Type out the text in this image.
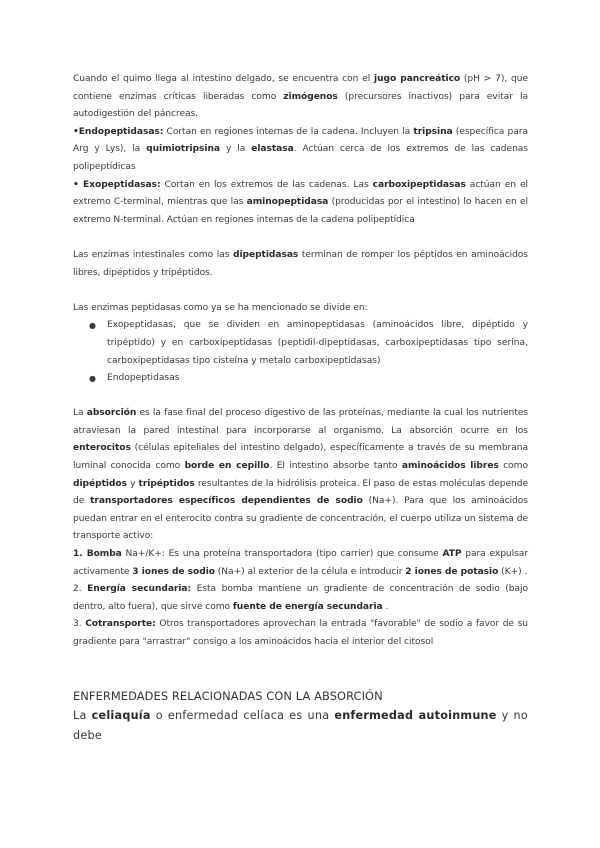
Cuando el quimo llega al intestino delgado, se encuentra con el jugo pancreático (pH > 7), que contiene enzimas críticas liberadas como zimógenos (precursores inactivos) para evitar la autodigestión del páncreas.

•Endopeptidasas: Cortan en regiones internas de la cadena. Incluyen la tripsina (específica para Arg y Lys), la quimiotripsina y la elastasa. Actúan cerca de los extremos de las cadenas polipeptídicas

• Exopeptidasas: Cortan en los extremos de las cadenas. Las carboxipeptidasas actúan en el extremo C-terminal, mientras que las aminopeptidasa (producidas por el intestino) lo hacen en el extremo N-terminal. Actúan en regiones internas de la cadena polipeptídica

Las enzimas intestinales como las dipeptidasas terminan de romper los péptidos en aminoácidos libres, dipéptidos y tripéptidos.

Las enzimas peptidasas como ya se ha mencionado se divide en:

● Exopeptidasas, que se dividen en aminopeptidasas (aminoácidos libre, dipéptido y tripéptido) y en carboxipeptidasas (peptidil-dipeptidasas, carboxipeptidasas tipo serina, carboxipeptidasas tipo cisteína y metalo carboxipeptidasas)
● Endopeptidasas

La absorción es la fase final del proceso digestivo de las proteínas, mediante la cual los nutrientes atraviesan la pared intestinal para incorporarse al organismo. La absorción ocurre en los enterocitos (células epiteliales del intestino delgado), específicamente a través de su membrana luminal conocida como borde en cepillo. El intestino absorbe tanto aminoácidos libres como dipéptidos y tripéptidos resultantes de la hidrólisis proteica. El paso de estas moléculas depende de transportadores específicos dependientes de sodio (Na+). Para que los aminoácidos puedan entrar en el enterocito contra su gradiente de concentración, el cuerpo utiliza un sistema de transporte activo:

1. Bomba Na+/K+: Es una proteína transportadora (tipo carrier) que consume ATP para expulsar activamente 3 iones de sodio (Na+) al exterior de la célula e introducir 2 iones de potasio (K+) .

2. Energía secundaria: Esta bomba mantiene un gradiente de concentración de sodio (bajo dentro, alto fuera), que sirve como fuente de energía secundaria .

3. Cotransporte: Otros transportadores aprovechan la entrada "favorable" de sodio a favor de su gradiente para "arrastrar" consigo a los aminoácidos hacia el interior del citosol

ENFERMEDADES RELACIONADAS CON LA ABSORCIÓN

La celiaquía o enfermedad celíaca es una enfermedad autoinmune y no debe
